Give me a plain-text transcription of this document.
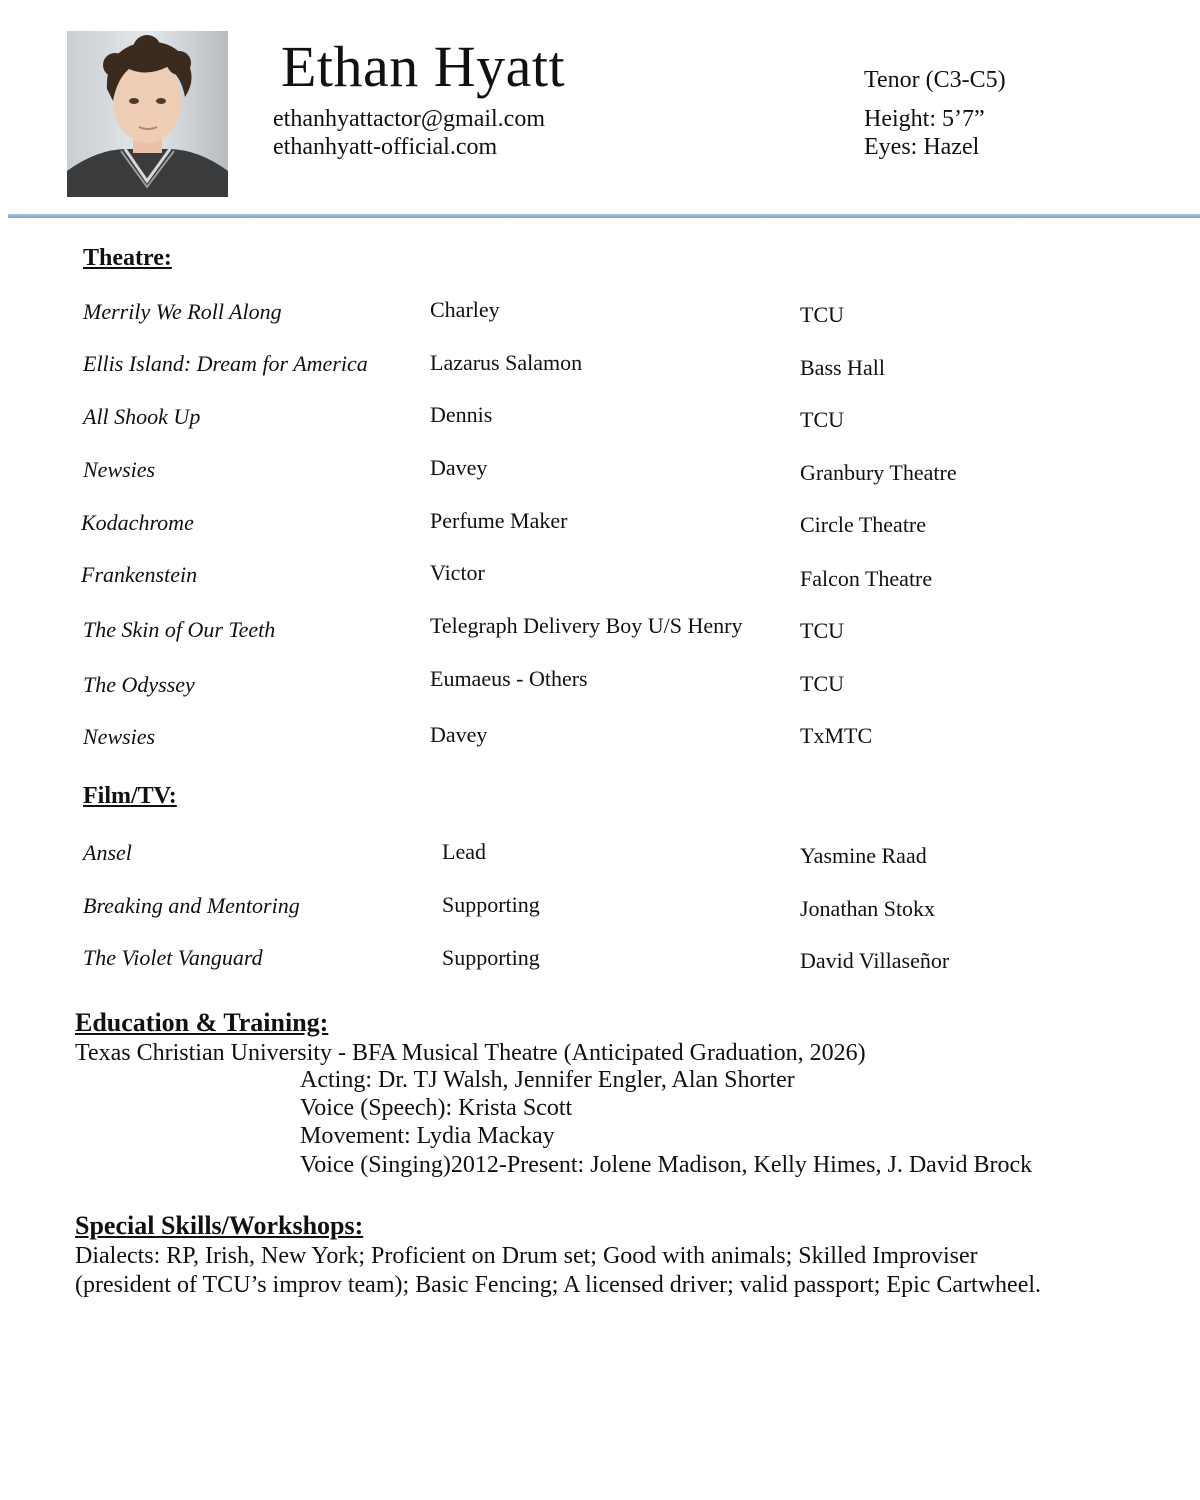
Ethan Hyatt
ethanhyattactor@gmail.com
ethanhyatt-official.com
Tenor (C3-C5)
Height: 5’7”
Eyes: Hazel
Theatre:
Merrily We Roll Along	Charley	TCU
Ellis Island: Dream for America	Lazarus Salamon	Bass Hall
All Shook Up	Dennis	TCU
Newsies	Davey	Granbury Theatre
Kodachrome	Perfume Maker	Circle Theatre
Frankenstein	Victor	Falcon Theatre
The Skin of Our Teeth	Telegraph Delivery Boy U/S Henry	TCU
The Odyssey	Eumaeus - Others	TCU
Newsies	Davey	TxMTC
Film/TV:
Ansel	Lead	Yasmine Raad
Breaking and Mentoring	Supporting	Jonathan Stokx
The Violet Vanguard	Supporting	David Villaseñor
Education & Training:
Texas Christian University - BFA Musical Theatre (Anticipated Graduation, 2026)
Acting: Dr. TJ Walsh, Jennifer Engler, Alan Shorter
Voice (Speech): Krista Scott
Movement: Lydia Mackay
Voice (Singing)2012-Present: Jolene Madison, Kelly Himes, J. David Brock
Special Skills/Workshops:
Dialects: RP, Irish, New York; Proficient on Drum set; Good with animals; Skilled Improviser
(president of TCU’s improv team); Basic Fencing; A licensed driver; valid passport; Epic Cartwheel.
